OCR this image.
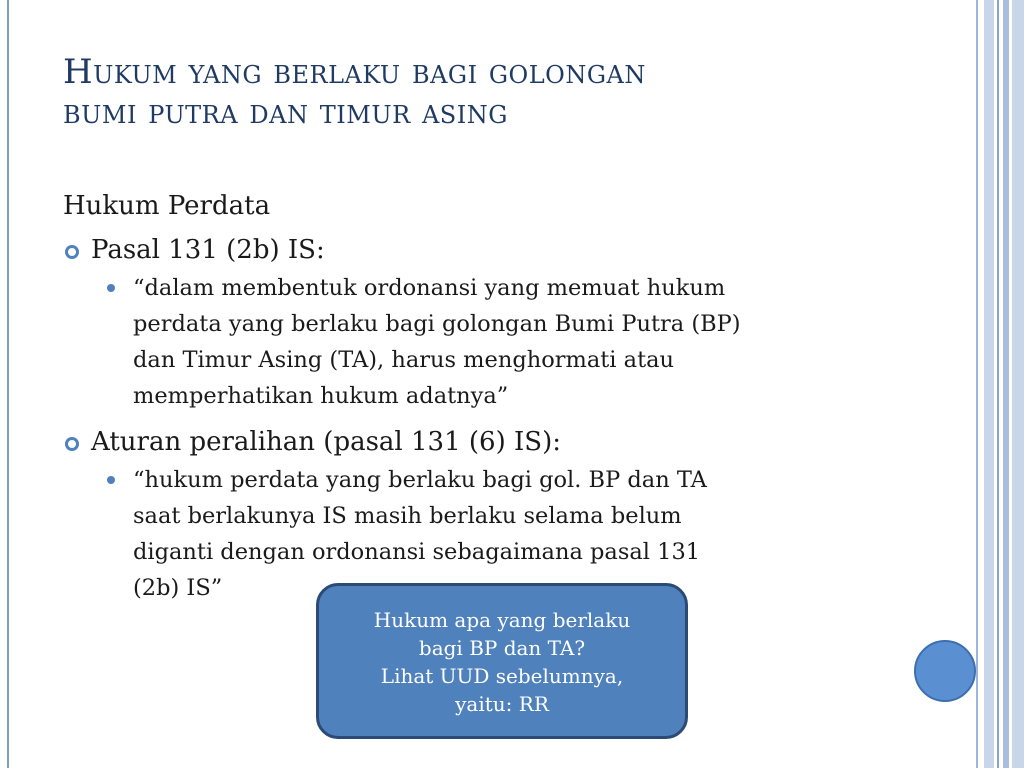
Hukum yang berlaku bagi golongan
bumi putra dan timur asing
Hukum Perdata
Pasal 131 (2b) IS:
“dalam membentuk ordonansi yang memuat hukum
perdata yang berlaku bagi golongan Bumi Putra (BP)
dan Timur Asing (TA), harus menghormati atau
memperhatikan hukum adatnya”
Aturan peralihan (pasal 131 (6) IS):
“hukum perdata yang berlaku bagi gol. BP dan TA
saat berlakunya IS masih berlaku selama belum
diganti dengan ordonansi sebagaimana pasal 131
(2b) IS”
Hukum apa yang berlaku
bagi BP dan TA?
Lihat UUD sebelumnya,
yaitu: RR
